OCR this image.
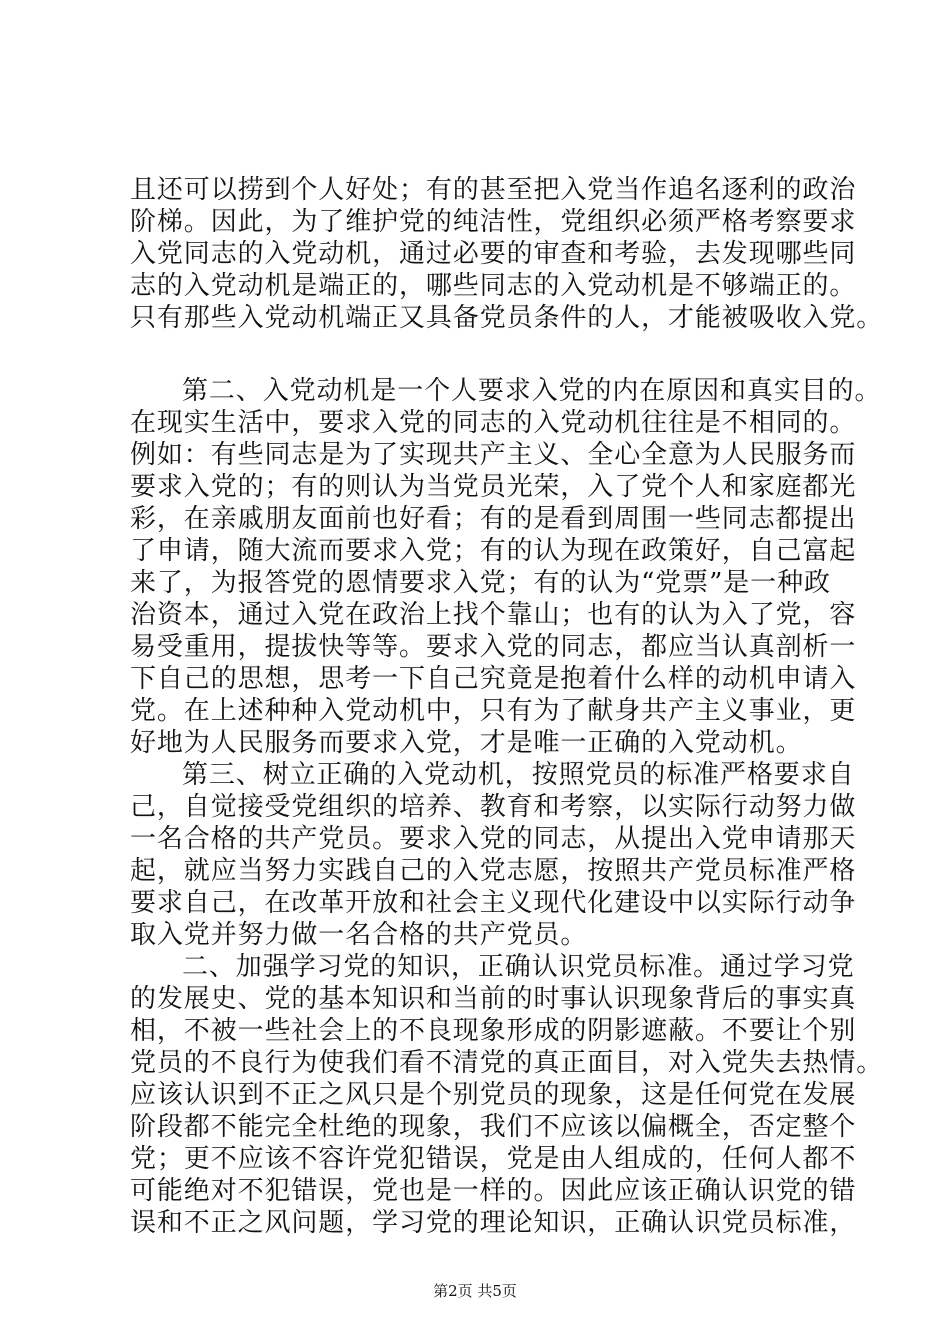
且还可以捞到个人好处；有的甚至把入党当作追名逐利的政治
阶梯。因此，为了维护党的纯洁性，党组织必须严格考察要求
入党同志的入党动机，通过必要的审查和考验，去发现哪些同
志的入党动机是端正的，哪些同志的入党动机是不够端正的。
只有那些入党动机端正又具备党员条件的人，才能被吸收入党。
第二、入党动机是一个人要求入党的内在原因和真实目的。
在现实生活中，要求入党的同志的入党动机往往是不相同的。
例如：有些同志是为了实现共产主义、全心全意为人民服务而
要求入党的；有的则认为当党员光荣，入了党个人和家庭都光
彩，在亲戚朋友面前也好看；有的是看到周围一些同志都提出
了申请，随大流而要求入党；有的认为现在政策好，自己富起
来了，为报答党的恩情要求入党；有的认为“党票”是一种政
治资本，通过入党在政治上找个靠山；也有的认为入了党，容
易受重用，提拔快等等。要求入党的同志，都应当认真剖析一
下自己的思想，思考一下自己究竟是抱着什么样的动机申请入
党。在上述种种入党动机中，只有为了献身共产主义事业，更
好地为人民服务而要求入党，才是唯一正确的入党动机。
第三、树立正确的入党动机，按照党员的标准严格要求自
己，自觉接受党组织的培养、教育和考察，以实际行动努力做
一名合格的共产党员。要求入党的同志，从提出入党申请那天
起，就应当努力实践自己的入党志愿，按照共产党员标准严格
要求自己，在改革开放和社会主义现代化建设中以实际行动争
取入党并努力做一名合格的共产党员。
二、加强学习党的知识，正确认识党员标准。通过学习党
的发展史、党的基本知识和当前的时事认识现象背后的事实真
相，不被一些社会上的不良现象形成的阴影遮蔽。不要让个别
党员的不良行为使我们看不清党的真正面目，对入党失去热情。
应该认识到不正之风只是个别党员的现象，这是任何党在发展
阶段都不能完全杜绝的现象，我们不应该以偏概全，否定整个
党；更不应该不容许党犯错误，党是由人组成的，任何人都不
可能绝对不犯错误，党也是一样的。因此应该正确认识党的错
误和不正之风问题，学习党的理论知识，正确认识党员标准，
第2页 共5页
